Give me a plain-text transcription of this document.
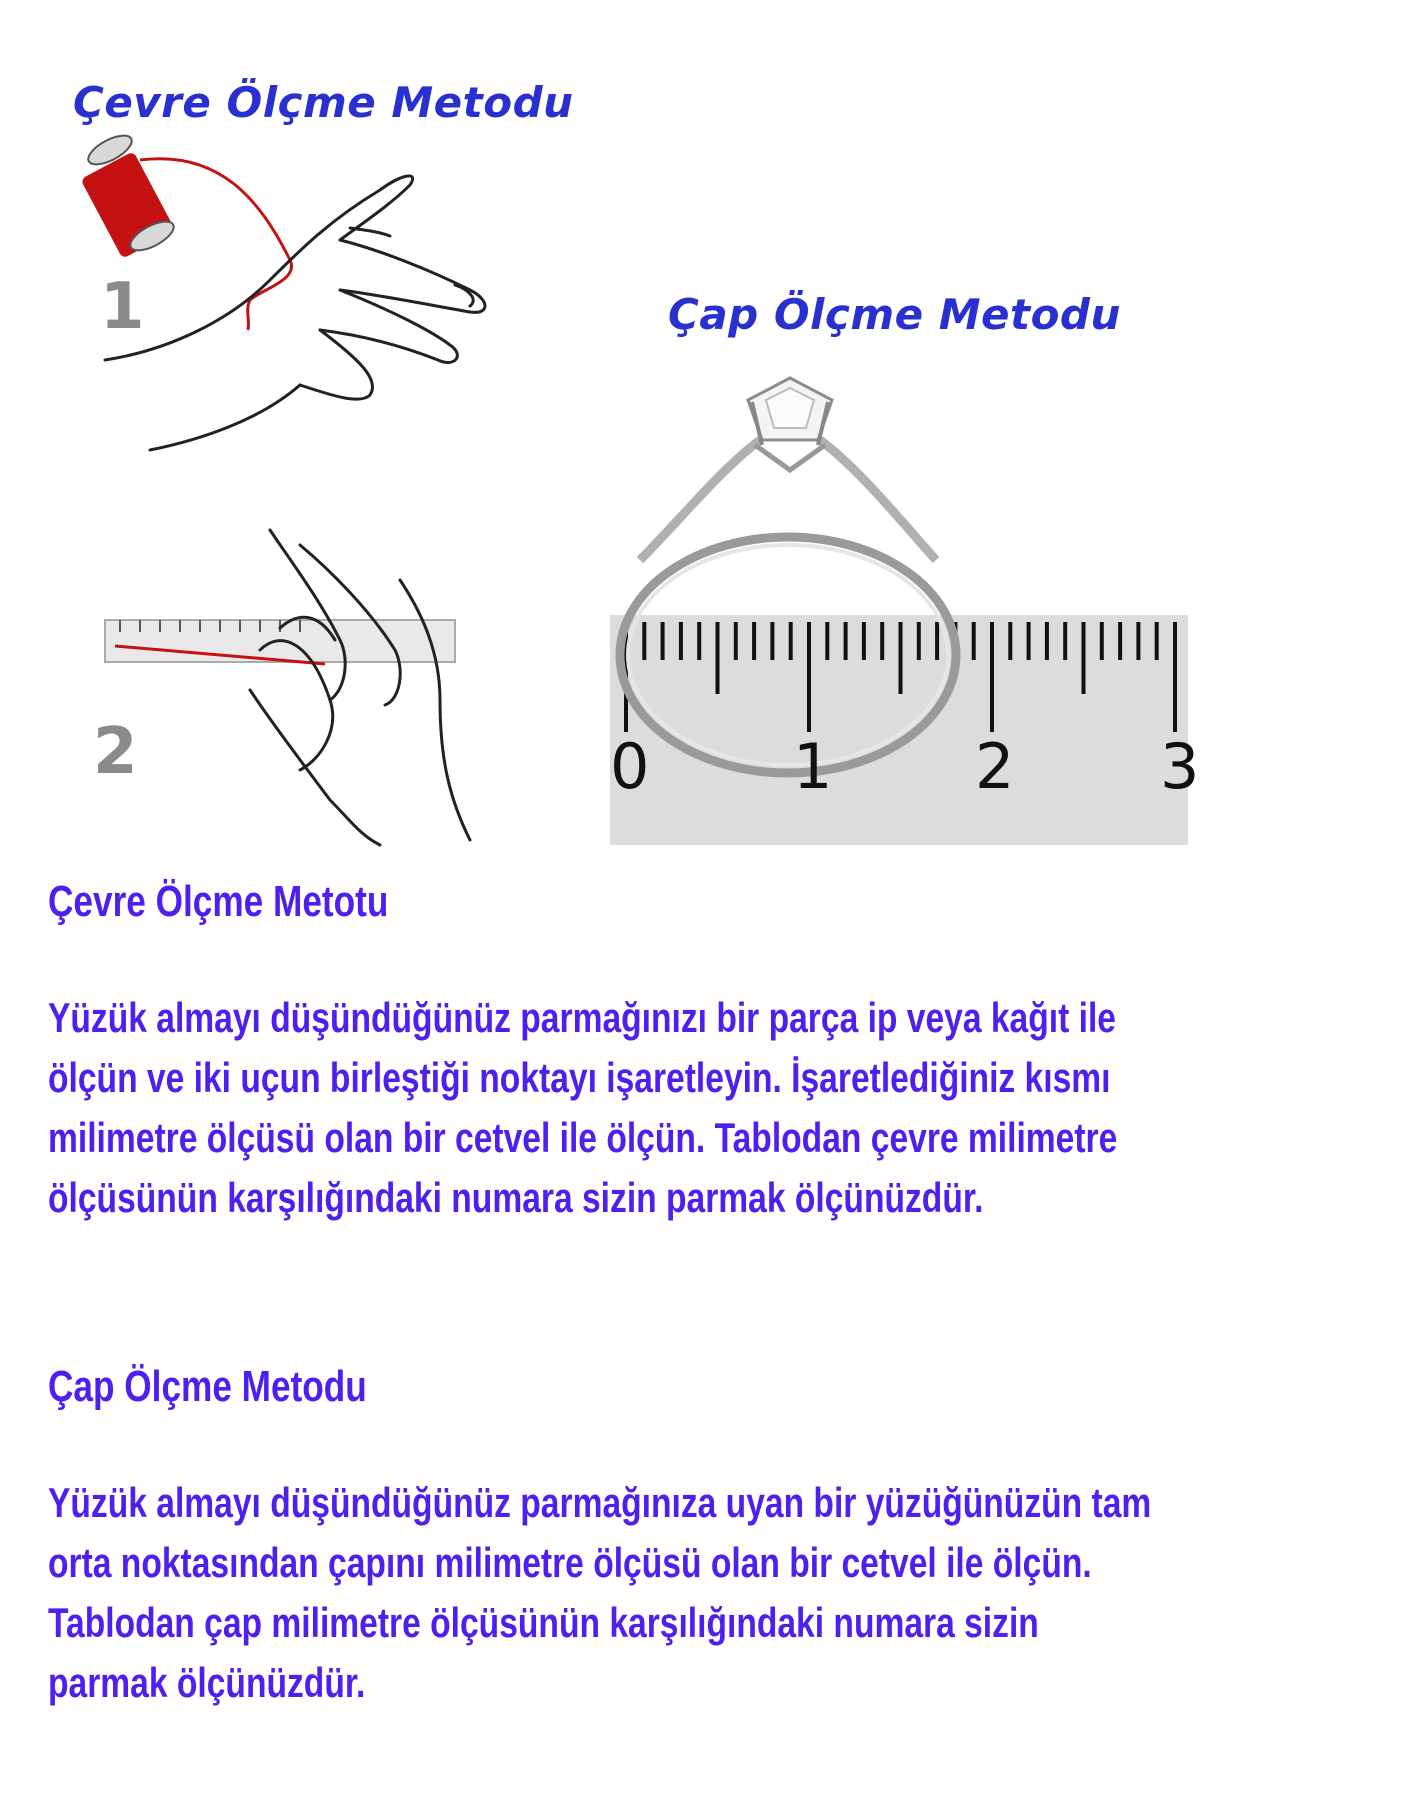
Çevre Ölçme Metodu
Çap Ölçme Metodu
1
2	0 1 2 3
Çevre Ölçme Metotu
Yüzük almayı düşündüğünüz parmağınızı bir parça ip veya kağıt ile ölçün ve iki uçun birleştiği noktayı işaretleyin. İşaretlediğiniz kısmı milimetre ölçüsü olan bir cetvel ile ölçün. Tablodan çevre milimetre ölçüsünün karşılığındaki numara sizin parmak ölçünüzdür.
Çap Ölçme Metodu
Yüzük almayı düşündüğünüz parmağınıza uyan bir yüzüğünüzün tam orta noktasından çapını milimetre ölçüsü olan bir cetvel ile ölçün. Tablodan çap milimetre ölçüsünün karşılığındaki numara sizin parmak ölçünüzdür.
